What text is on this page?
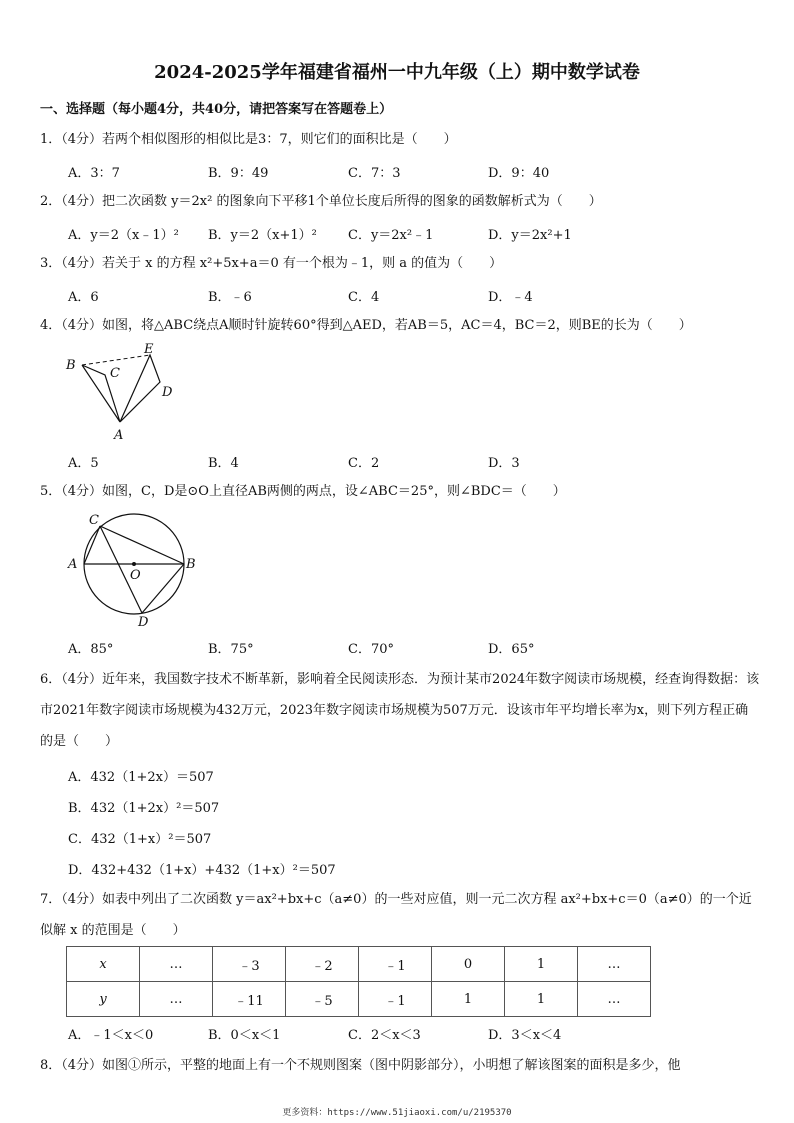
2024-2025学年福建省福州一中九年级（上）期中数学试卷
一、选择题（每小题4分，共40分，请把答案写在答题卷上）
1．（4分）若两个相似图形的相似比是3：7，则它们的面积比是（　　）
A．3：7	B．9：49	C．7：3	D．9：40
2．（4分）把二次函数 y＝2x² 的图象向下平移1个单位长度后所得的图象的函数解析式为（　　）
A．y＝2（x﹣1）² B．y＝2（x+1）² C．y＝2x²﹣1	D．y＝2x²+1
3．（4分）若关于 x 的方程 x²+5x+a＝0 有一个根为﹣1，则 a 的值为（　　）
A．6	B．﹣6	C．4	D．﹣4
4．（4分）如图，将△ABC绕点A顺时针旋转60°得到△AED，若AB＝5，AC＝4，BC＝2，则BE的长为（　　）
B
C
E
D
A
A．5	B．4	C．2	D．3
5．（4分）如图，C，D是⊙O上直径AB两侧的两点，设∠ABC＝25°，则∠BDC＝（　　）
C
A
O
B
D
A．85°	B．75°	C．70°	D．65°
6．（4分）近年来，我国数字技术不断革新，影响着全民阅读形态．为预计某市2024年数字阅读市场规模，经查询得数据：该市2021年数字阅读市场规模为432万元，2023年数字阅读市场规模为507万元．设该市年平均增长率为x，则下列方程正确的是（　　）
A．432（1+2x）＝507
B．432（1+2x）²＝507
C．432（1+x）²＝507
D．432+432（1+x）+432（1+x）²＝507
7．（4分）如表中列出了二次函数 y＝ax²+bx+c（a≠0）的一些对应值，则一元二次方程 ax²+bx+c＝0（a≠0）的一个近似解 x 的范围是（　　）
x	…	﹣3	﹣2	﹣1	0	1	…
y	…	﹣11	﹣5	﹣1	1	1	…
A．﹣1＜x＜0	B．0＜x＜1	C．2＜x＜3	D．3＜x＜4
8．（4分）如图①所示，平整的地面上有一个不规则图案（图中阴影部分），小明想了解该图案的面积是多少，他
更多资料：https://www.51jiaoxi.com/u/2195370
